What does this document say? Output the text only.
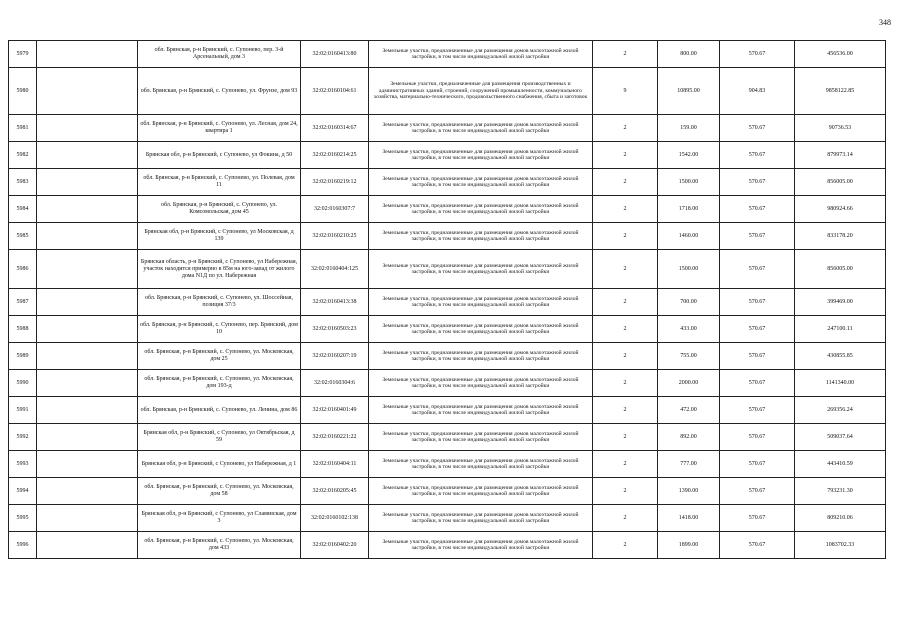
348
5979		обл. Брянская, р-н Брянский, с. Супонево, пер. 3-й Арсенальный, дом 3	32:02:0160413:80	Земельные участки, предназначенные для размещения домов малоэтажной жилой застройки, в том числе индивидуальной жилой застройки	2	800.00	570.67	456536.00
5980		обл. Брянская, р-н Брянский, с. Супонево, ул. Фрунзе, дом 93	32:02:0160104:61	Земельные участки, предназначенные для размещения производственных и административных зданий, строений, сооружений промышленности, коммунального хозяйства, материально-технического, продовольственного снабжения, сбыта и заготовок	9	10895.00	904.83	9858122.85
5981		обл. Брянская, р-н Брянский, с. Супонево, ул. Лесная, дом 24, квартира 1	32:02:0160314:67	Земельные участки, предназначенные для размещения домов малоэтажной жилой застройки, в том числе индивидуальной жилой застройки	2	159.00	570.67	90736.53
5982		Брянская обл, р-н Брянский, с Супонево, ул Фокина, д 50	32:02:0160214:25	Земельные участки, предназначенные для размещения домов малоэтажной жилой застройки, в том числе индивидуальной жилой застройки	2	1542.00	570.67	879973.14
5983		обл. Брянская, р-н Брянский, с. Супонево, ул. Полевая, дом 11	32:02:0160219:12	Земельные участки, предназначенные для размещения домов малоэтажной жилой застройки, в том числе индивидуальной жилой застройки	2	1500.00	570.67	856005.00
5984		обл. Брянская, р-н Брянский, с. Супонево, ул. Комсомольская, дом 45	32:02:0160307:7	Земельные участки, предназначенные для размещения домов малоэтажной жилой застройки, в том числе индивидуальной жилой застройки	2	1718.00	570.67	980924.66
5985		Брянская обл, р-н Брянский, с Супонево, ул Московская, д 139	32:02:0160210:25	Земельные участки, предназначенные для размещения домов малоэтажной жилой застройки, в том числе индивидуальной жилой застройки	2	1460.00	570.67	833178.20
5986		Брянская область, р-н Брянский, с Супонево, ул Набережная, участок находится примерно в 85м на юго-запад от жилого дома N1Д по ул. Набережная	32:02:0160404:125	Земельные участки, предназначенные для размещения домов малоэтажной жилой застройки, в том числе индивидуальной жилой застройки	2	1500.00	570.67	856005.00
5987		обл. Брянская, р-н Брянский, с. Супонево, ул. Шоссейная, позиция 37/3	32:02:0160413:38	Земельные участки, предназначенные для размещения домов малоэтажной жилой застройки, в том числе индивидуальной жилой застройки	2	700.00	570.67	399469.00
5988		обл. Брянская, р-н Брянский, с. Супонево, пер. Брянский, дом 10	32:02:0160503:23	Земельные участки, предназначенные для размещения домов малоэтажной жилой застройки, в том числе индивидуальной жилой застройки	2	433.00	570.67	247100.11
5989		обл. Брянская, р-н Брянский, с. Супонево, ул. Московская, дом 25	32:02:0160207:19	Земельные участки, предназначенные для размещения домов малоэтажной жилой застройки, в том числе индивидуальной жилой застройки	2	755.00	570.67	430855.85
5990		обл. Брянская, р-н Брянский, с. Супонево, ул. Московская, дом 193-д	32:02:0160304:6	Земельные участки, предназначенные для размещения домов малоэтажной жилой застройки, в том числе индивидуальной жилой застройки	2	2000.00	570.67	1141340.00
5991		обл. Брянская, р-н Брянский, с. Супонево, ул. Ленина, дом 86	32:02:0160401:49	Земельные участки, предназначенные для размещения домов малоэтажной жилой застройки, в том числе индивидуальной жилой застройки	2	472.00	570.67	269356.24
5992		Брянская обл, р-н Брянский, с Супонево, ул Октябрьская, д 59	32:02:0160221:22	Земельные участки, предназначенные для размещения домов малоэтажной жилой застройки, в том числе индивидуальной жилой застройки	2	892.00	570.67	509037.64
5993		Брянская обл, р-н Брянский, с Супонево, ул Набережная, д 1	32:02:0160404:11	Земельные участки, предназначенные для размещения домов малоэтажной жилой застройки, в том числе индивидуальной жилой застройки	2	777.00	570.67	443410.59
5994		обл. Брянская, р-н Брянский, с. Супонево, ул. Московская, дом 58	32:02:0160205:45	Земельные участки, предназначенные для размещения домов малоэтажной жилой застройки, в том числе индивидуальной жилой застройки	2	1390.00	570.67	793231.30
5995		Брянская обл, р-н Брянский, с Супонево, ул Славянская, дом 3	32:02:0160102:138	Земельные участки, предназначенные для размещения домов малоэтажной жилой застройки, в том числе индивидуальной жилой застройки	2	1418.00	570.67	809210.06
5996		обл. Брянская, р-н Брянский, с. Супонево, ул. Московская, дом 433	32:02:0160402:20	Земельные участки, предназначенные для размещения домов малоэтажной жилой застройки, в том числе индивидуальной жилой застройки	2	1899.00	570.67	1083702.33
